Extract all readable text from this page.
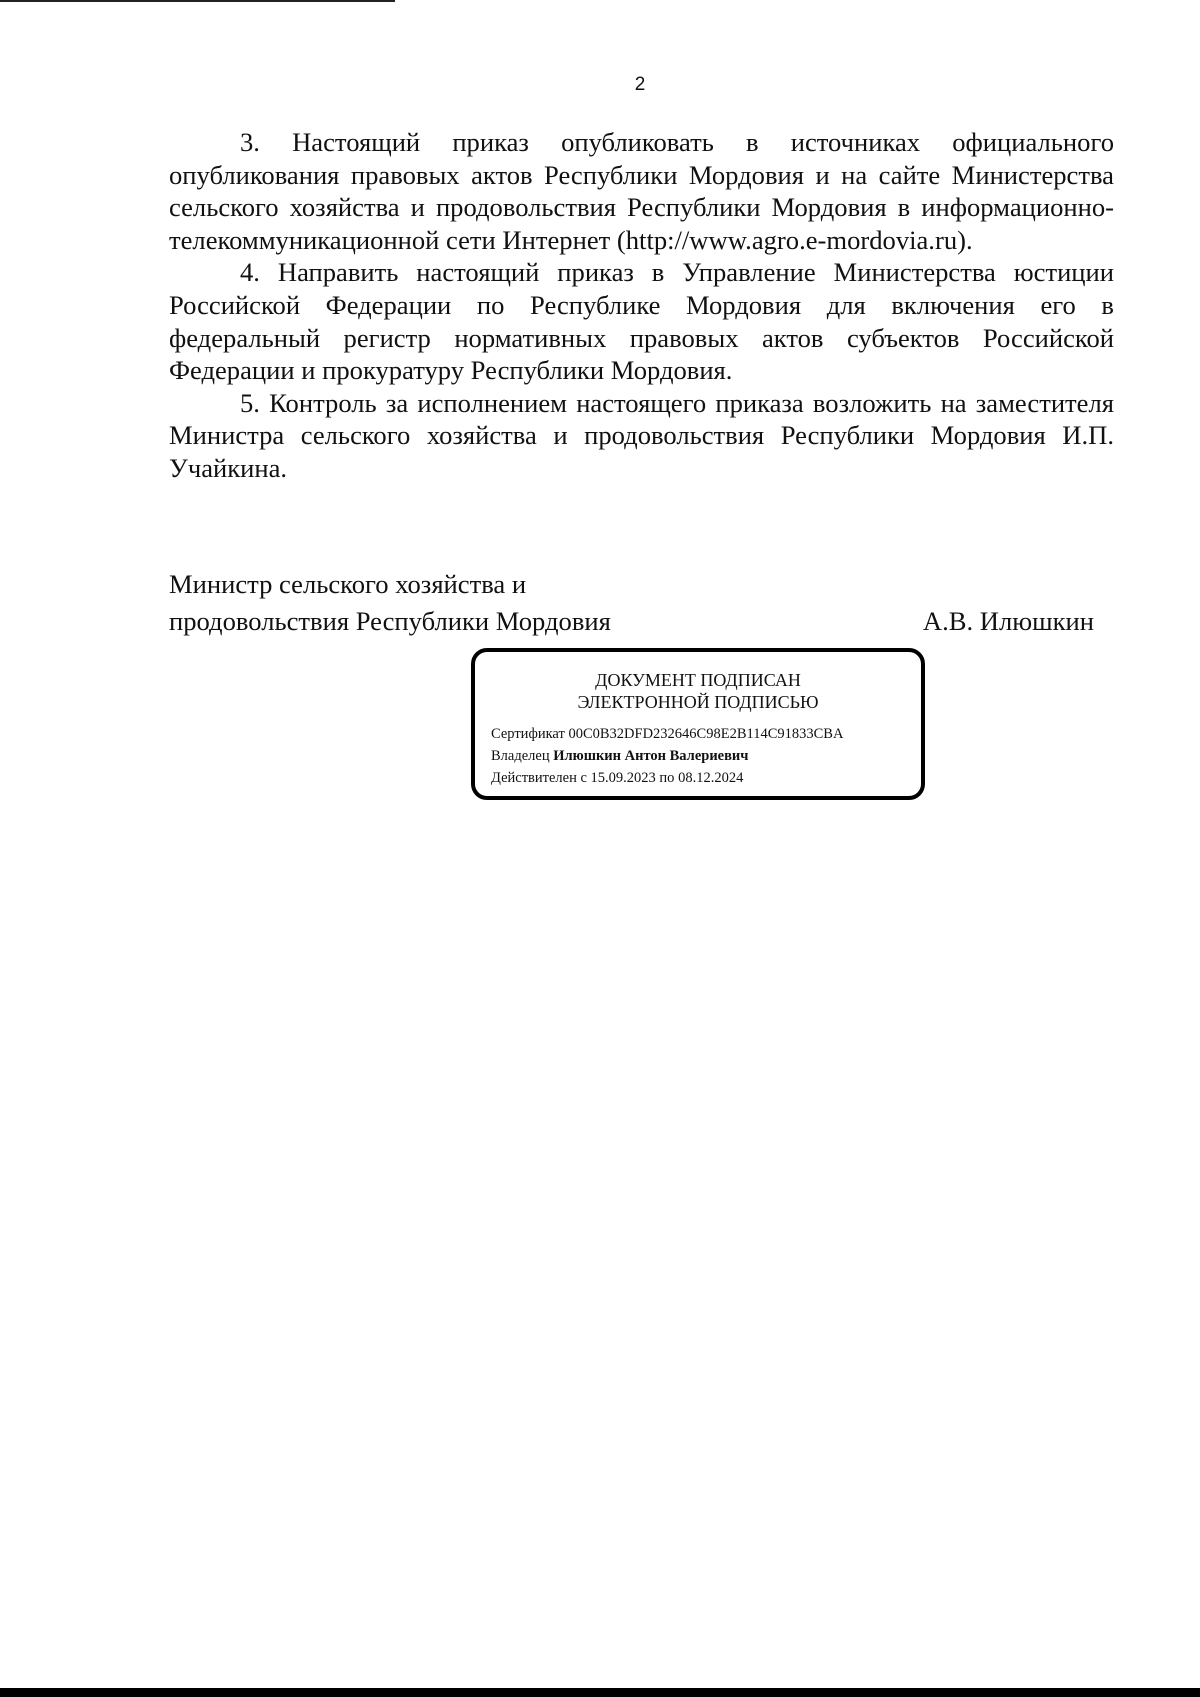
2

3. Настоящий приказ опубликовать в источниках официального опубликования правовых актов Республики Мордовия и на сайте Министерства сельского хозяйства и продовольствия Республики Мордовия в информационно-телекоммуникационной сети Интернет (http://www.agro.e-mordovia.ru).

4. Направить настоящий приказ в Управление Министерства юстиции Российской Федерации по Республике Мордовия для включения его в федеральный регистр нормативных правовых актов субъектов Российской Федерации и прокуратуру Республики Мордовия.

5. Контроль за исполнением настоящего приказа возложить на заместителя Министра сельского хозяйства и продовольствия Республики Мордовия И.П. Учайкина.

Министр сельского хозяйства и
продовольствия Республики Мордовия	А.В. Илюшкин
ДОКУМЕНТ ПОДПИСАН
ЭЛЕКТРОННОЙ ПОДПИСЬЮ
Сертификат 00C0B32DFD232646C98E2B114C91833CBA
Владелец Илюшкин Антон Валериевич
Действителен с 15.09.2023 по 08.12.2024
